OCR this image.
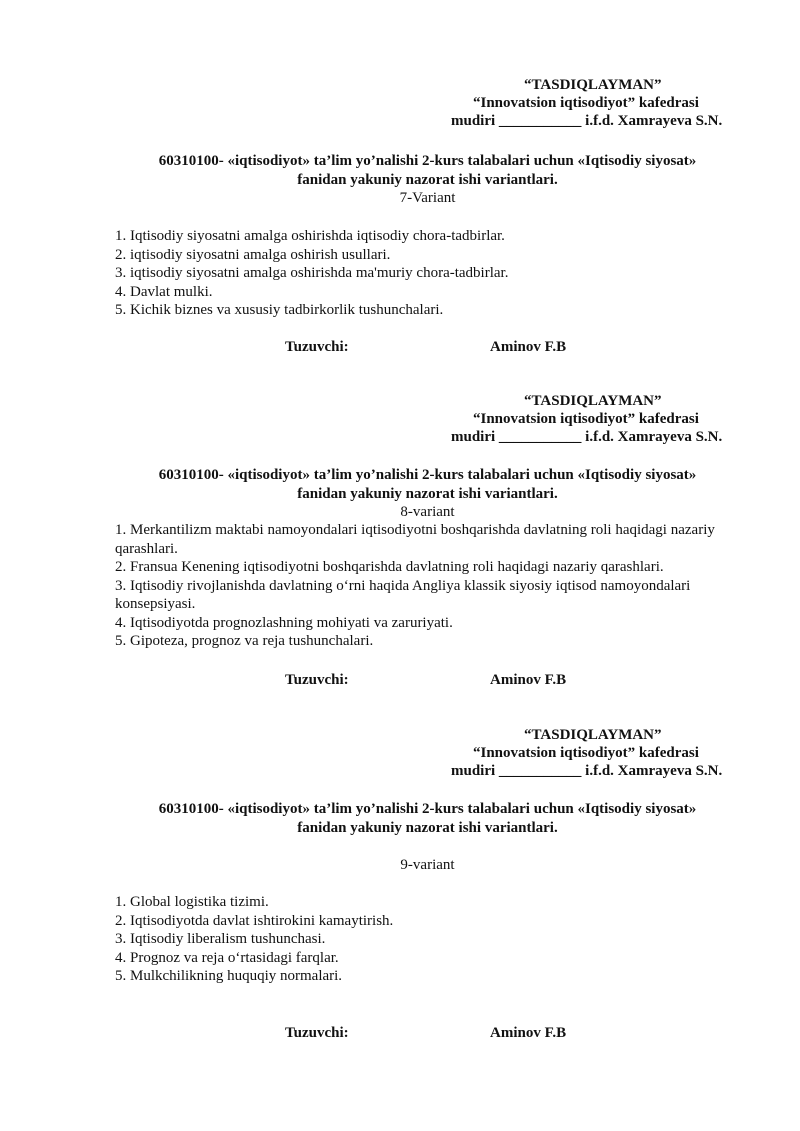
“TASDIQLAYMAN”
“Innovatsion iqtisodiyot” kafedrasi
mudiri ___________ i.f.d. Xamrayeva S.N.
60310100- «iqtisodiyot» ta’lim yo’nalishi 2-kurs talabalari uchun «Iqtisodiy siyosat»
fanidan yakuniy nazorat ishi variantlari.
7-Variant
1. Iqtisodiy siyosatni amalga oshirishda iqtisodiy chora-tadbirlar.
2. iqtisodiy siyosatni amalga oshirish usullari.
3. iqtisodiy siyosatni amalga oshirishda ma'muriy chora-tadbirlar.
4. Davlat mulki.
5. Kichik biznes va xususiy tadbirkorlik tushunchalari.
Tuzuvchi:	Aminov F.B
“TASDIQLAYMAN”
“Innovatsion iqtisodiyot” kafedrasi
mudiri ___________ i.f.d. Xamrayeva S.N.
60310100- «iqtisodiyot» ta’lim yo’nalishi 2-kurs talabalari uchun «Iqtisodiy siyosat»
fanidan yakuniy nazorat ishi variantlari.
8-variant
1. Merkantilizm maktabi namoyondalari iqtisodiyotni boshqarishda davlatning roli haqidagi nazariy qarashlari.
2. Fransua Kenening iqtisodiyotni boshqarishda davlatning roli haqidagi nazariy qarashlari.
3. Iqtisodiy rivojlanishda davlatning oʻrni haqida Angliya klassik siyosiy iqtisod namoyondalari konsepsiyasi.
4. Iqtisodiyotda prognozlashning mohiyati va zaruriyati.
5. Gipoteza, prognoz va reja tushunchalari.
Tuzuvchi:	Aminov F.B
“TASDIQLAYMAN”
“Innovatsion iqtisodiyot” kafedrasi
mudiri ___________ i.f.d. Xamrayeva S.N.
60310100- «iqtisodiyot» ta’lim yo’nalishi 2-kurs talabalari uchun «Iqtisodiy siyosat»
fanidan yakuniy nazorat ishi variantlari.
9-variant
1. Global logistika tizimi.
2. Iqtisodiyotda davlat ishtirokini kamaytirish.
3. Iqtisodiy liberalism tushunchasi.
4. Prognoz va reja oʻrtasidagi farqlar.
5. Mulkchilikning huquqiy normalari.
Tuzuvchi:	Aminov F.B
